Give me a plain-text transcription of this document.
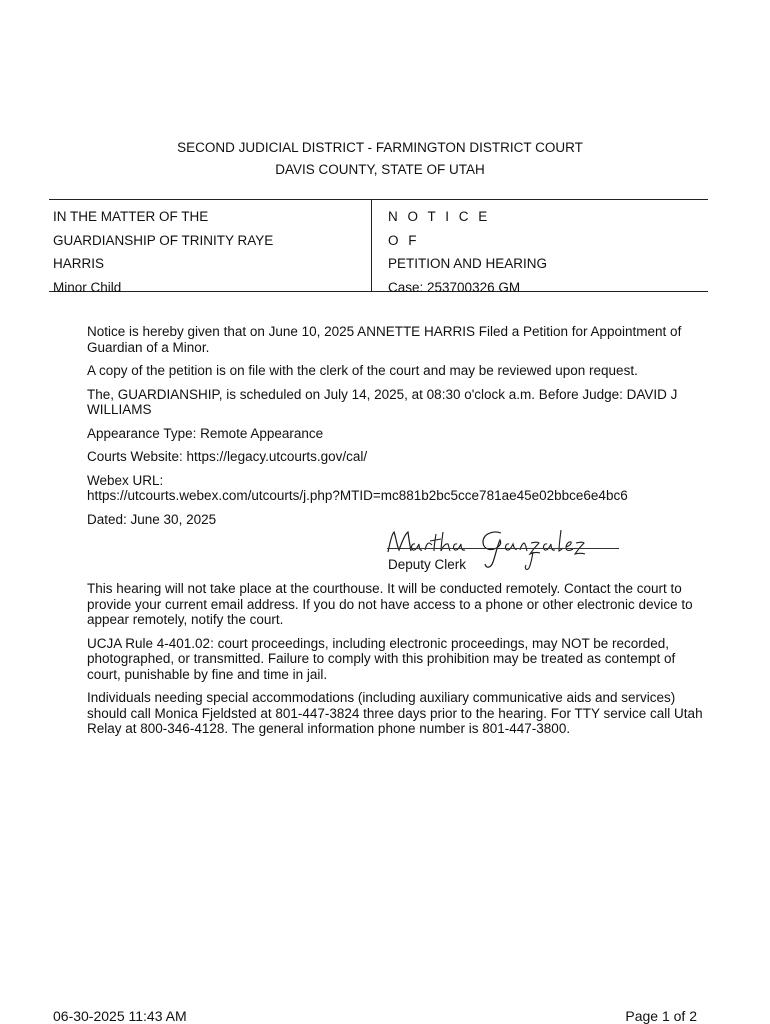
SECOND JUDICIAL DISTRICT - FARMINGTON DISTRICT COURT
DAVIS COUNTY, STATE OF UTAH
IN THE MATTER OF THE
GUARDIANSHIP OF TRINITY RAYE
HARRIS
Minor Child
N O T I C E
O F
PETITION AND HEARING
Case: 253700326 GM

Notice is hereby given that on June 10, 2025 ANNETTE HARRIS Filed a Petition for Appointment of Guardian of a Minor.

A copy of the petition is on file with the clerk of the court and may be reviewed upon request.

The, GUARDIANSHIP, is scheduled on July 14, 2025, at 08:30 o'clock a.m. Before Judge: DAVID J WILLIAMS

Appearance Type: Remote Appearance

Courts Website: https://legacy.utcourts.gov/cal/

Webex URL:
https://utcourts.webex.com/utcourts/j.php?MTID=mc881b2bc5cce781ae45e02bbce6e4bc6

Dated: June 30, 2025

Deputy Clerk

This hearing will not take place at the courthouse. It will be conducted remotely. Contact the court to provide your current email address. If you do not have access to a phone or other electronic device to appear remotely, notify the court.

UCJA Rule 4-401.02: court proceedings, including electronic proceedings, may NOT be recorded, photographed, or transmitted. Failure to comply with this prohibition may be treated as contempt of court, punishable by fine and time in jail.

Individuals needing special accommodations (including auxiliary communicative aids and services) should call Monica Fjeldsted at 801-447-3824 three days prior to the hearing. For TTY service call Utah Relay at 800-346-4128. The general information phone number is 801-447-3800.

06-30-2025 11:43 AM	Page 1 of 2
